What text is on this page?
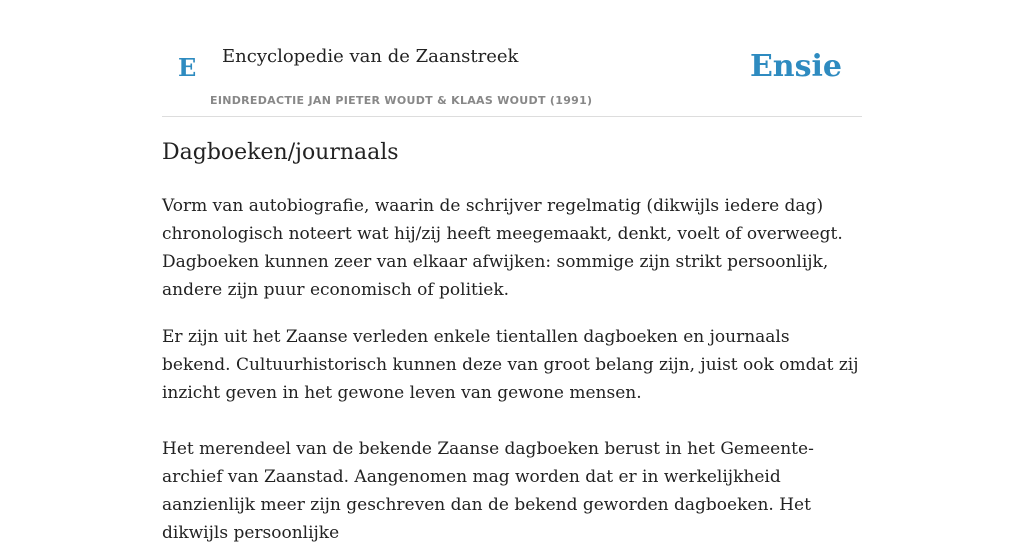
E Encyclopedie van de Zaanstreek	Ensie
EINDREDACTIE JAN PIETER WOUDT & KLAAS WOUDT (1991)
Dagboeken/journaals

Vorm van autobiografie, waarin de schrijver regelmatig (dikwijls iedere dag) chronologisch noteert wat hij/zij heeft meegemaakt, denkt, voelt of overweegt. Dagboeken kunnen zeer van elkaar afwijken: sommige zijn strikt persoonlijk, andere zijn puur economisch of politiek.

Er zijn uit het Zaanse verleden enkele tientallen dagboeken en journaals bekend. Cultuurhistorisch kunnen deze van groot belang zijn, juist ook omdat zij inzicht geven in het gewone leven van gewone mensen.

Het merendeel van de bekende Zaanse dagboeken berust in het Gemeente-archief van Zaanstad. Aangenomen mag worden dat er in werkelijkheid aanzienlijk meer zijn geschreven dan de bekend geworden dagboeken. Het dikwijls persoonlijke
